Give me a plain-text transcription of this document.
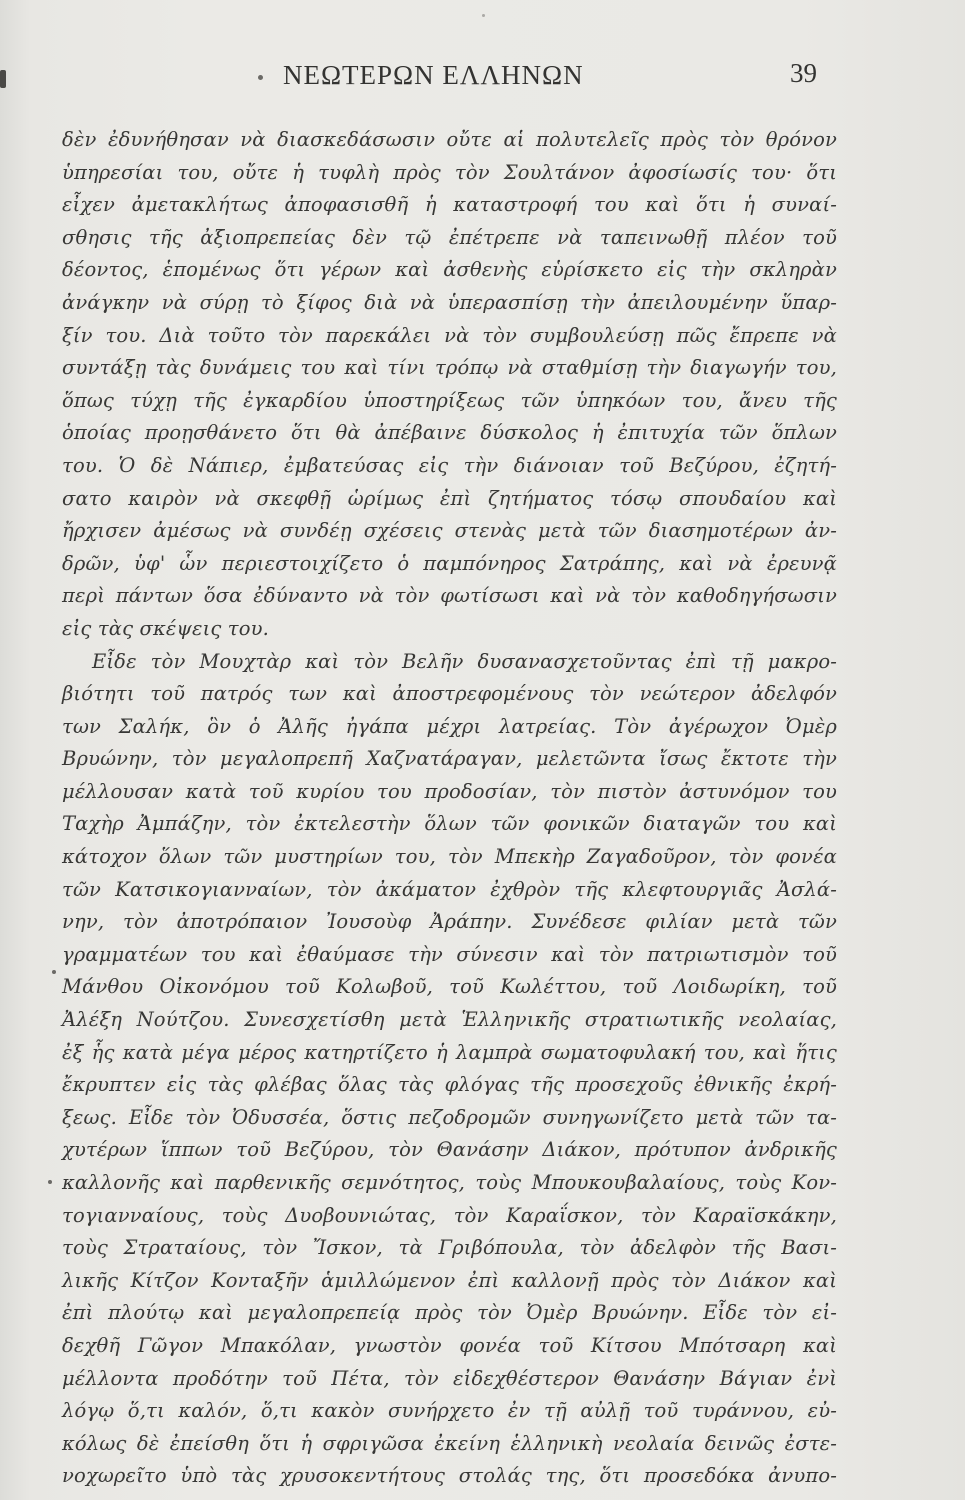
ΝΕΩΤΕΡΩΝ ΕΛΛΗΝΩΝ	39
δὲν ἐδυνήθησαν νὰ διασκεδάσωσιν οὔτε αἱ πολυτελεῖς πρὸς τὸν θρόνον
ὑπηρεσίαι του, οὔτε ἡ τυφλὴ πρὸς τὸν Σουλτάνον ἀφοσίωσίς του· ὅτι
εἶχεν ἀμετακλήτως ἀποφασισθῆ ἡ καταστροφή του καὶ ὅτι ἡ συναί-
σθησις τῆς ἀξιοπρεπείας δὲν τῷ ἐπέτρεπε νὰ ταπεινωθῇ πλέον τοῦ
δέοντος, ἑπομένως ὅτι γέρων καὶ ἀσθενὴς εὑρίσκετο εἰς τὴν σκληρὰν
ἀνάγκην νὰ σύρῃ τὸ ξίφος διὰ νὰ ὑπερασπίσῃ τὴν ἀπειλουμένην ὕπαρ-
ξίν του. Διὰ τοῦτο τὸν παρεκάλει νὰ τὸν συμβουλεύσῃ πῶς ἔπρεπε νὰ
συντάξῃ τὰς δυνάμεις του καὶ τίνι τρόπῳ νὰ σταθμίσῃ τὴν διαγωγήν του,
ὅπως τύχῃ τῆς ἐγκαρδίου ὑποστηρίξεως τῶν ὑπηκόων του, ἄνευ τῆς
ὁποίας προῃσθάνετο ὅτι θὰ ἀπέβαινε δύσκολος ἡ ἐπιτυχία τῶν ὅπλων
του. Ὁ δὲ Νάπιερ, ἐμβατεύσας εἰς τὴν διάνοιαν τοῦ Βεζύρου, ἐζητή-
σατο καιρὸν νὰ σκεφθῇ ὡρίμως ἐπὶ ζητήματος τόσῳ σπουδαίου καὶ
ἤρχισεν ἀμέσως νὰ συνδέῃ σχέσεις στενὰς μετὰ τῶν διασημοτέρων ἀν-
δρῶν, ὑφ' ὧν περιεστοιχίζετο ὁ παμπόνηρος Σατράπης, καὶ νὰ ἐρευνᾷ
περὶ πάντων ὅσα ἐδύναντο νὰ τὸν φωτίσωσι καὶ νὰ τὸν καθοδηγήσωσιν
εἰς τὰς σκέψεις του.
Εἶδε τὸν Μουχτὰρ καὶ τὸν Βελῆν δυσανασχετοῦντας ἐπὶ τῇ μακρο-
βιότητι τοῦ πατρός των καὶ ἀποστρεφομένους τὸν νεώτερον ἀδελφόν
των Σαλήκ, ὃν ὁ Ἀλῆς ἠγάπα μέχρι λατρείας. Τὸν ἀγέρωχον Ὀμὲρ
Βρυώνην, τὸν μεγαλοπρεπῆ Χαζνατάραγαν, μελετῶντα ἴσως ἔκτοτε τὴν
μέλλουσαν κατὰ τοῦ κυρίου του προδοσίαν, τὸν πιστὸν ἀστυνόμον του
Ταχὴρ Ἀμπάζην, τὸν ἐκτελεστὴν ὅλων τῶν φονικῶν διαταγῶν του καὶ
κάτοχον ὅλων τῶν μυστηρίων του, τὸν Μπεκὴρ Ζαγαδοῦρον, τὸν φονέα
τῶν Κατσικογιανναίων, τὸν ἀκάματον ἐχθρὸν τῆς κλεφτουργιᾶς Ἀσλά-
νην, τὸν ἀποτρόπαιον Ἰουσοὺφ Ἀράπην. Συνέδεσε φιλίαν μετὰ τῶν
γραμματέων του καὶ ἐθαύμασε τὴν σύνεσιν καὶ τὸν πατριωτισμὸν τοῦ
Μάνθου Οἰκονόμου τοῦ Κολωβοῦ, τοῦ Κωλέττου, τοῦ Λοιδωρίκη, τοῦ
Ἀλέξη Νούτζου. Συνεσχετίσθη μετὰ Ἑλληνικῆς στρατιωτικῆς νεολαίας,
ἐξ ἧς κατὰ μέγα μέρος κατηρτίζετο ἡ λαμπρὰ σωματοφυλακή του, καὶ ἥτις
ἔκρυπτεν εἰς τὰς φλέβας ὅλας τὰς φλόγας τῆς προσεχοῦς ἐθνικῆς ἐκρή-
ξεως. Εἶδε τὸν Ὀδυσσέα, ὅστις πεζοδρομῶν συνηγωνίζετο μετὰ τῶν τα-
χυτέρων ἵππων τοῦ Βεζύρου, τὸν Θανάσην Διάκον, πρότυπον ἀνδρικῆς
καλλονῆς καὶ παρθενικῆς σεμνότητος, τοὺς Μπουκουβαλαίους, τοὺς Κον-
τογιανναίους, τοὺς Δυοβουνιώτας, τὸν Καραΐσκον, τὸν Καραϊσκάκην,
τοὺς Στραταίους, τὸν Ἴσκον, τὰ Γριβόπουλα, τὸν ἀδελφὸν τῆς Βασι-
λικῆς Κίτζον Κονταξῆν ἁμιλλώμενον ἐπὶ καλλονῇ πρὸς τὸν Διάκον καὶ
ἐπὶ πλούτῳ καὶ μεγαλοπρεπείᾳ πρὸς τὸν Ὀμὲρ Βρυώνην. Εἶδε τὸν εἰ-
δεχθῆ Γῶγον Μπακόλαν, γνωστὸν φονέα τοῦ Κίτσου Μπότσαρη καὶ
μέλλοντα προδότην τοῦ Πέτα, τὸν εἰδεχθέστερον Θανάσην Βάγιαν ἐνὶ
λόγῳ ὅ,τι καλόν, ὅ,τι κακὸν συνήρχετο ἐν τῇ αὐλῇ τοῦ τυράννου, εὐ-
κόλως δὲ ἐπείσθη ὅτι ἡ σφριγῶσα ἐκείνη ἑλληνικὴ νεολαία δεινῶς ἐστε-
νοχωρεῖτο ὑπὸ τὰς χρυσοκεντήτους στολάς της, ὅτι προσεδόκα ἀνυπο-
